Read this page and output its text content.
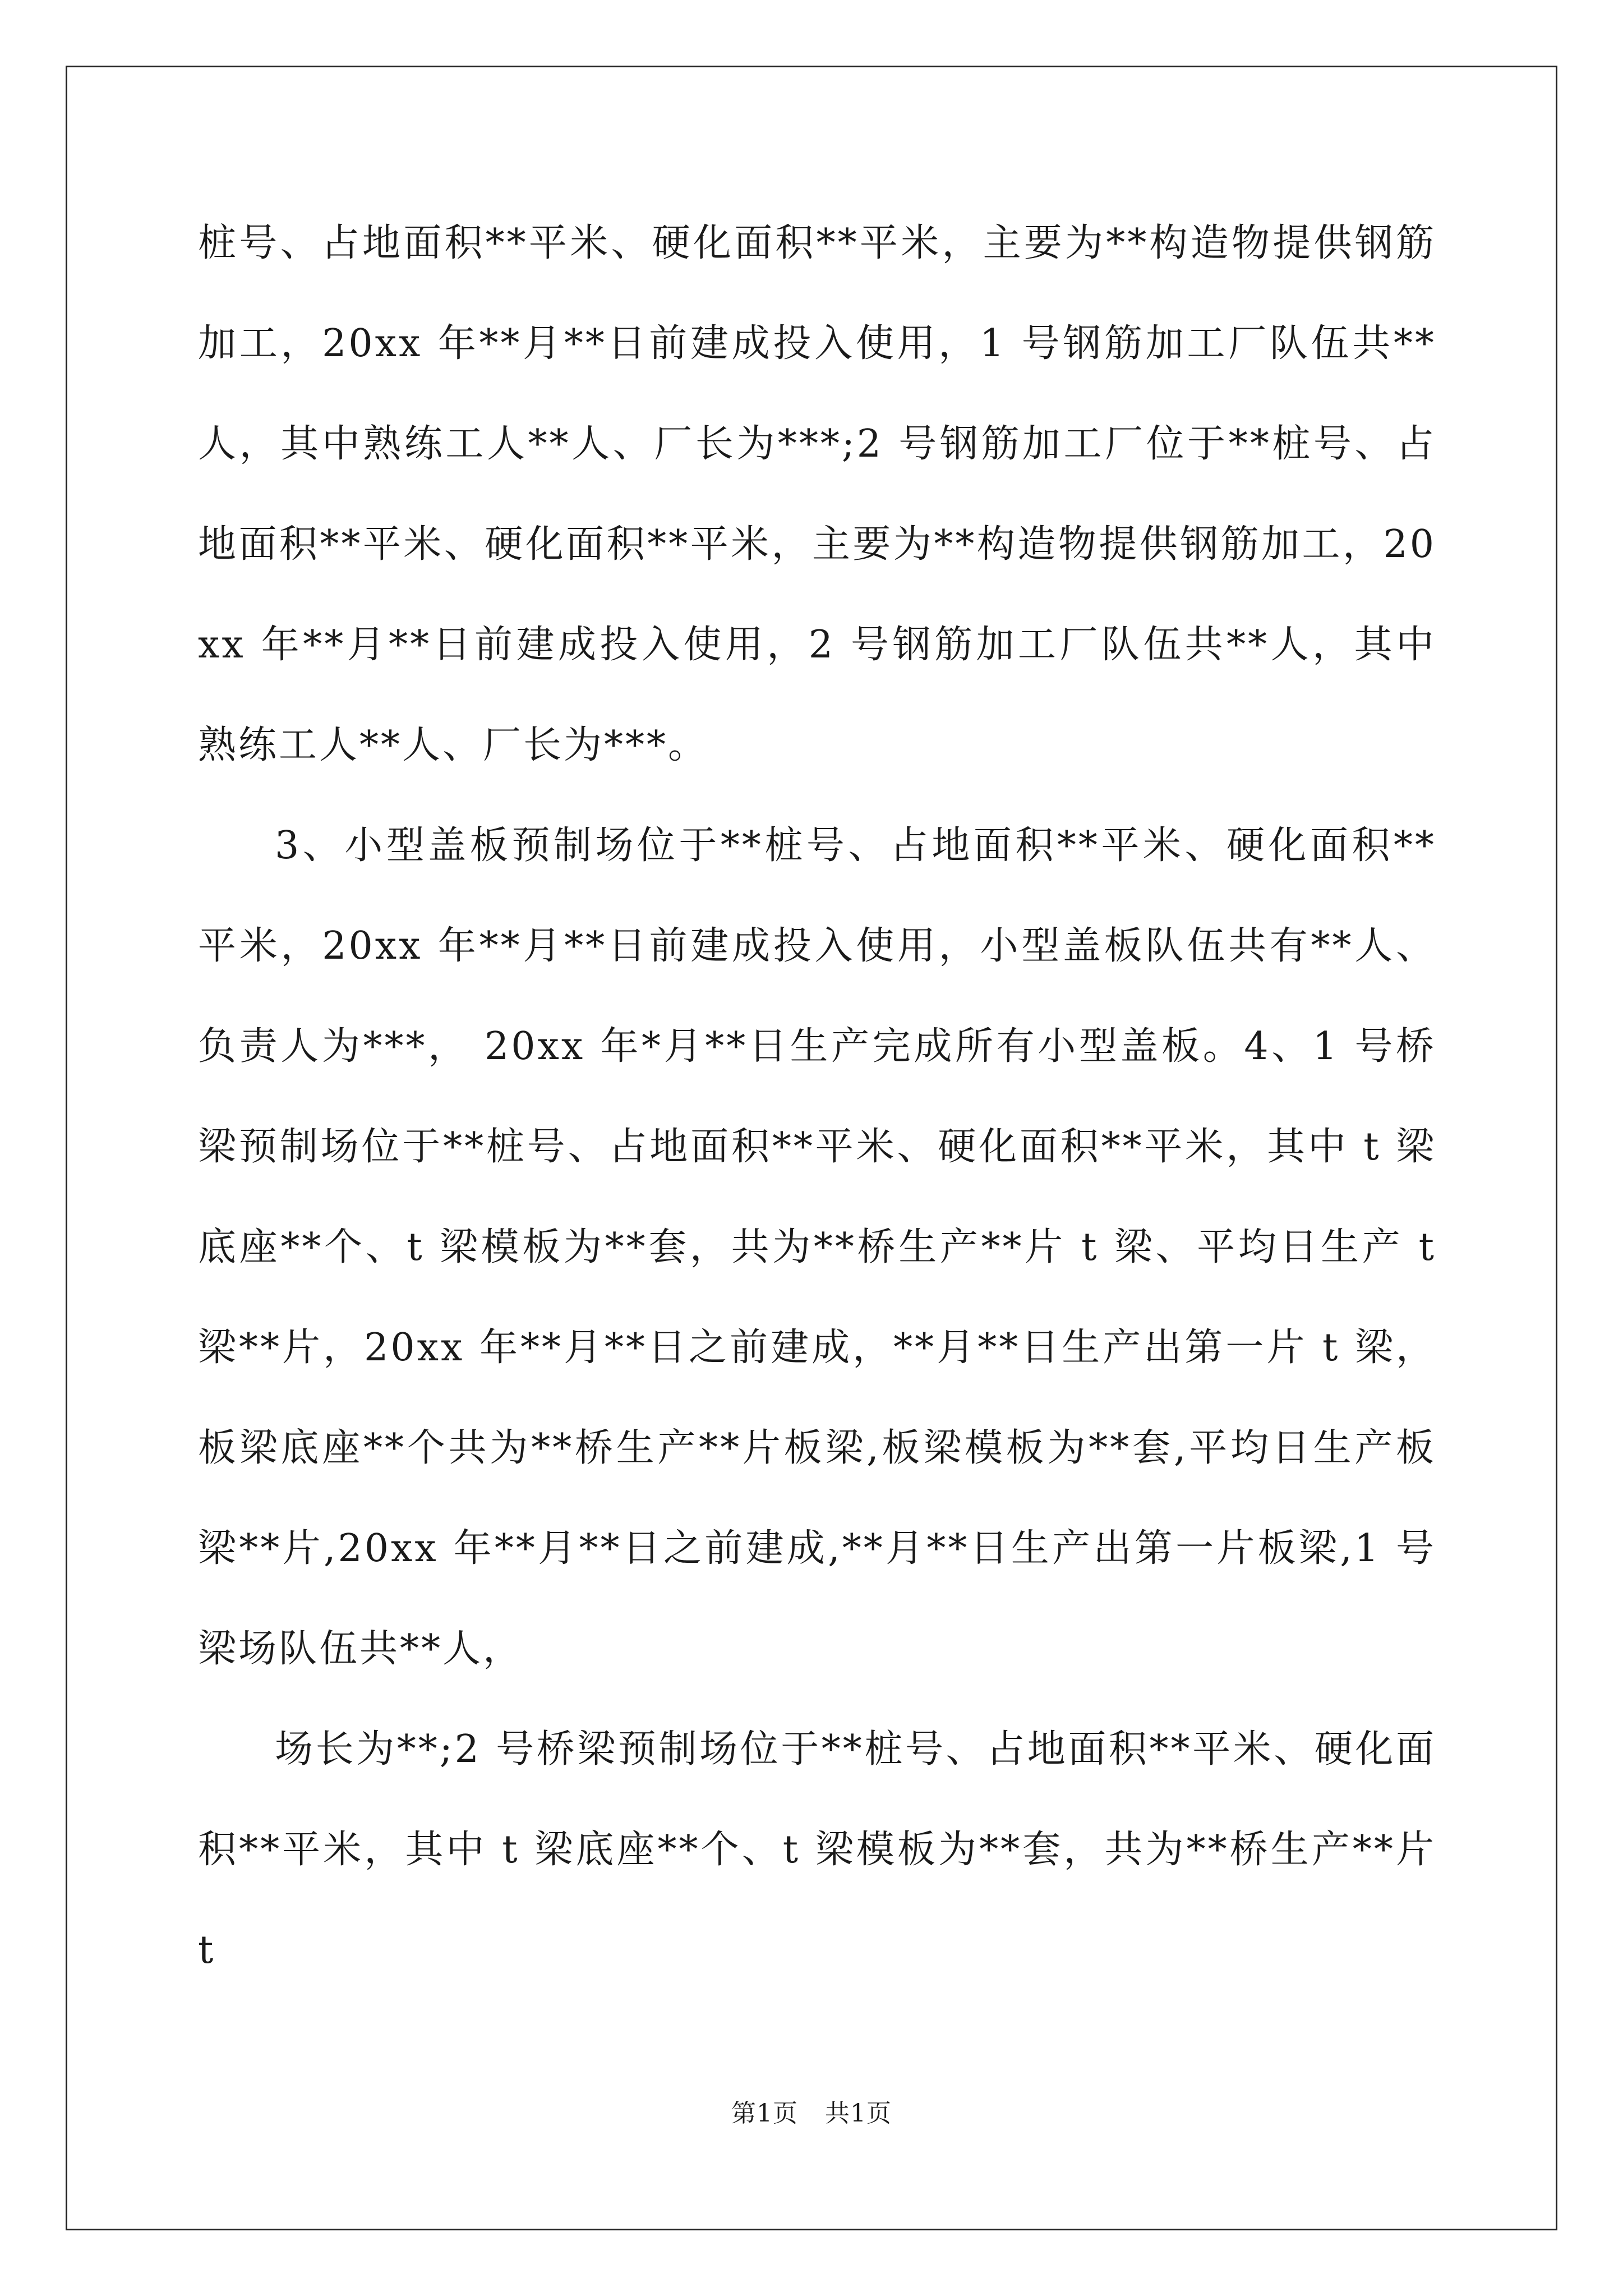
桩号、占地面积**平米、硬化面积**平米，主要为**构造物提供钢筋加工，20xx 年**月**日前建成投入使用，1 号钢筋加工厂队伍共**人，其中熟练工人**人、厂长为***;2 号钢筋加工厂位于**桩号、占地面积**平米、硬化面积**平米，主要为**构造物提供钢筋加工，20xx 年**月**日前建成投入使用，2 号钢筋加工厂队伍共**人，其中熟练工人**人、厂长为***。

3、小型盖板预制场位于**桩号、占地面积**平米、硬化面积**平米，20xx 年**月**日前建成投入使用，小型盖板队伍共有**人、负责人为***， 20xx 年*月**日生产完成所有小型盖板。4、1 号桥梁预制场位于**桩号、占地面积**平米、硬化面积**平米，其中 t 梁底座**个、t 梁模板为**套，共为**桥生产**片 t 梁、平均日生产 t 梁**片，20xx 年**月**日之前建成，**月**日生产出第一片 t 梁，板梁底座**个共为**桥生产**片板梁,板梁模板为**套,平均日生产板梁**片,20xx 年**月**日之前建成,**月**日生产出第一片板梁,1 号梁场队伍共**人，

场长为**;2 号桥梁预制场位于**桩号、占地面积**平米、硬化面积**平米，其中 t 梁底座**个、t 梁模板为**套，共为**桥生产**片 t

第1页 共1页
